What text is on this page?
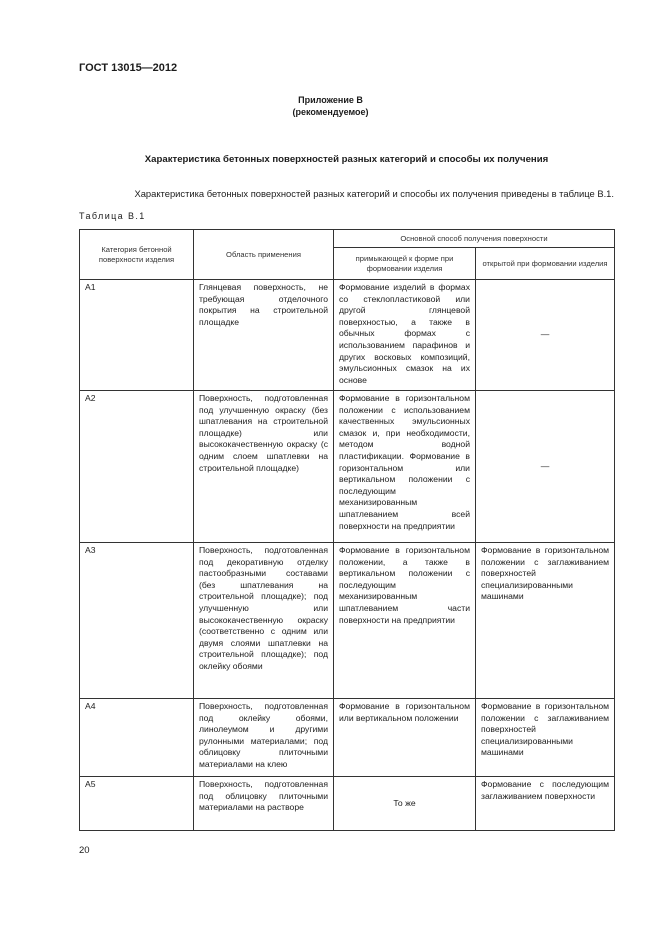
ГОСТ 13015—2012
Приложение В
(рекомендуемое)
Характеристика бетонных поверхностей разных категорий и способы их получения
Характеристика бетонных поверхностей разных категорий и способы их получения приведены в таблице В.1.
Таблица В.1
Категория бетонной поверхности изделия	Область применения	Основной способ получения поверхности	
		примыкающей к форме при формовании изделия	открытой при формовании изделия
А1	Глянцевая поверхность, не требующая отделочного покрытия на строительной площадке	Формование изделий в формах со стеклопластиковой или другой глянцевой поверхностью, а также в обычных формах с использованием парафинов и других восковых композиций, эмульсионных смазок на их основе	—
А2	Поверхность, подготовленная под улучшенную окраску (без шпатлевания на строительной площадке) или высококачественную окраску (с одним слоем шпатлевки на строительной площадке)	Формование в горизонтальном положении с использованием качественных эмульсионных смазок и, при необходимости, методом водной пластификации. Формование в горизонтальном или вертикальном положении с последующим механизированным шпатлеванием всей поверхности на предприятии	—
А3	Поверхность, подготовленная под декоративную отделку пастообразными составами (без шпатлевания на строительной площадке); под улучшенную или высококачественную окраску (соответственно с одним или двумя слоями шпатлевки на строительной площадке); под оклейку обоями	Формование в горизонтальном положении, а также в вертикальном положении с последующим механизированным шпатлеванием части поверхности на предприятии	Формование в горизонтальном положении с заглаживанием поверхностей специализированными машинами
А4	Поверхность, подготовленная под оклейку обоями, линолеумом и другими рулонными материалами; под облицовку плиточными материалами на клею	Формование в горизонтальном или вертикальном положении	Формование в горизонтальном положении с заглаживанием поверхностей специализированными машинами
А5	Поверхность, подготовленная под облицовку плиточными материалами на растворе	То же	Формование с последующим заглаживанием поверхности
20
